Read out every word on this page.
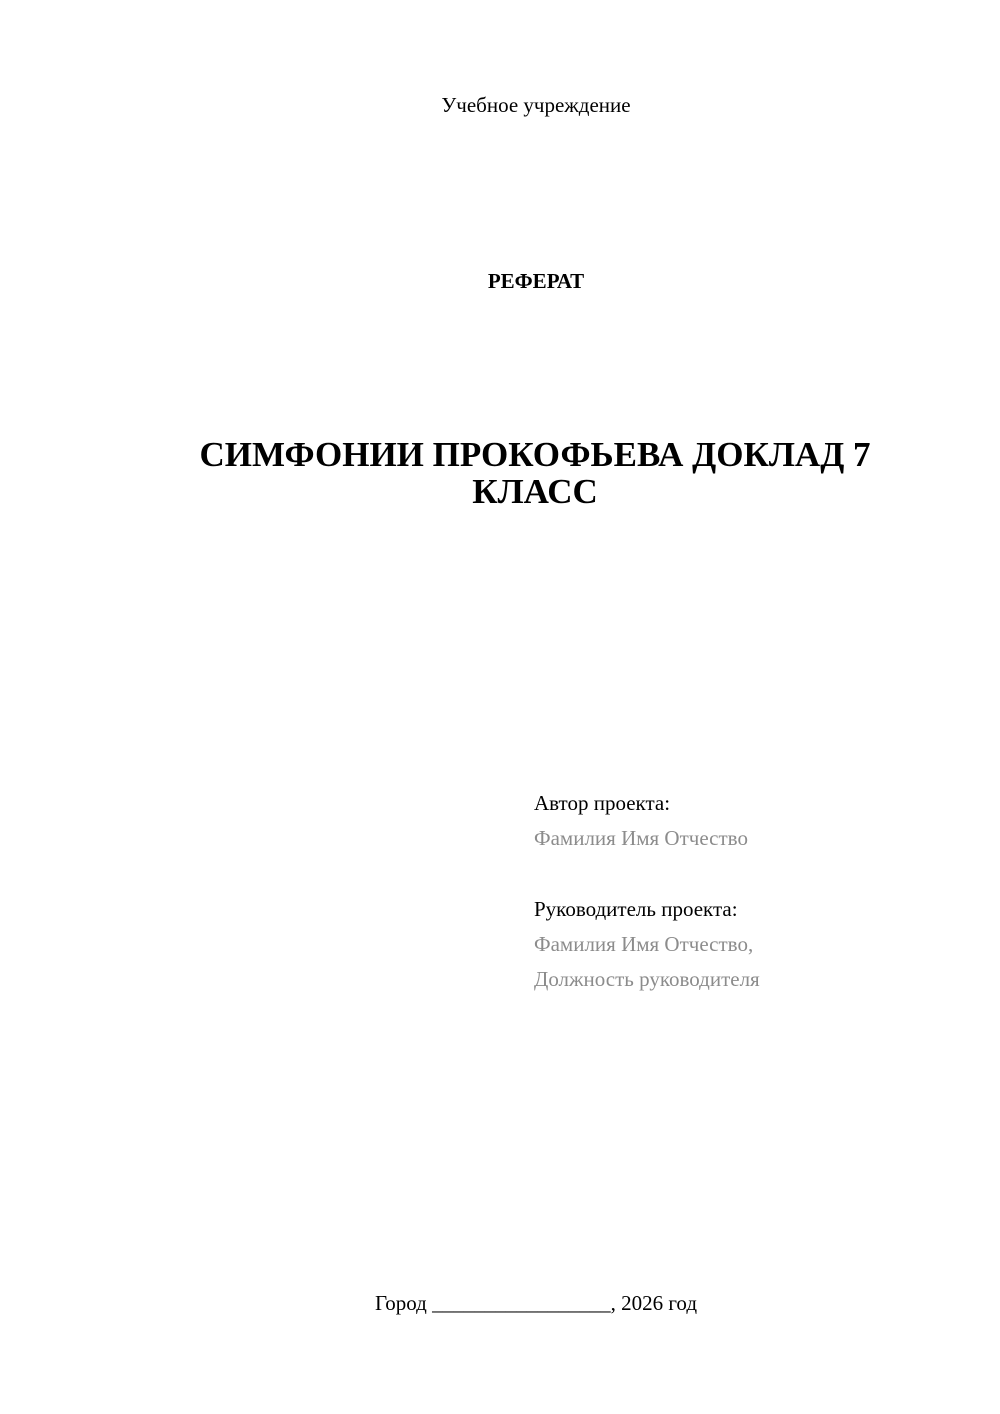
Учебное учреждение
РЕФЕРАТ
СИМФОНИИ ПРОКОФЬЕВА ДОКЛАД 7 КЛАСС
Автор проекта:
Фамилия Имя Отчество
Руководитель проекта:
Фамилия Имя Отчество,
Должность руководителя
Город _________________, 2026 год
